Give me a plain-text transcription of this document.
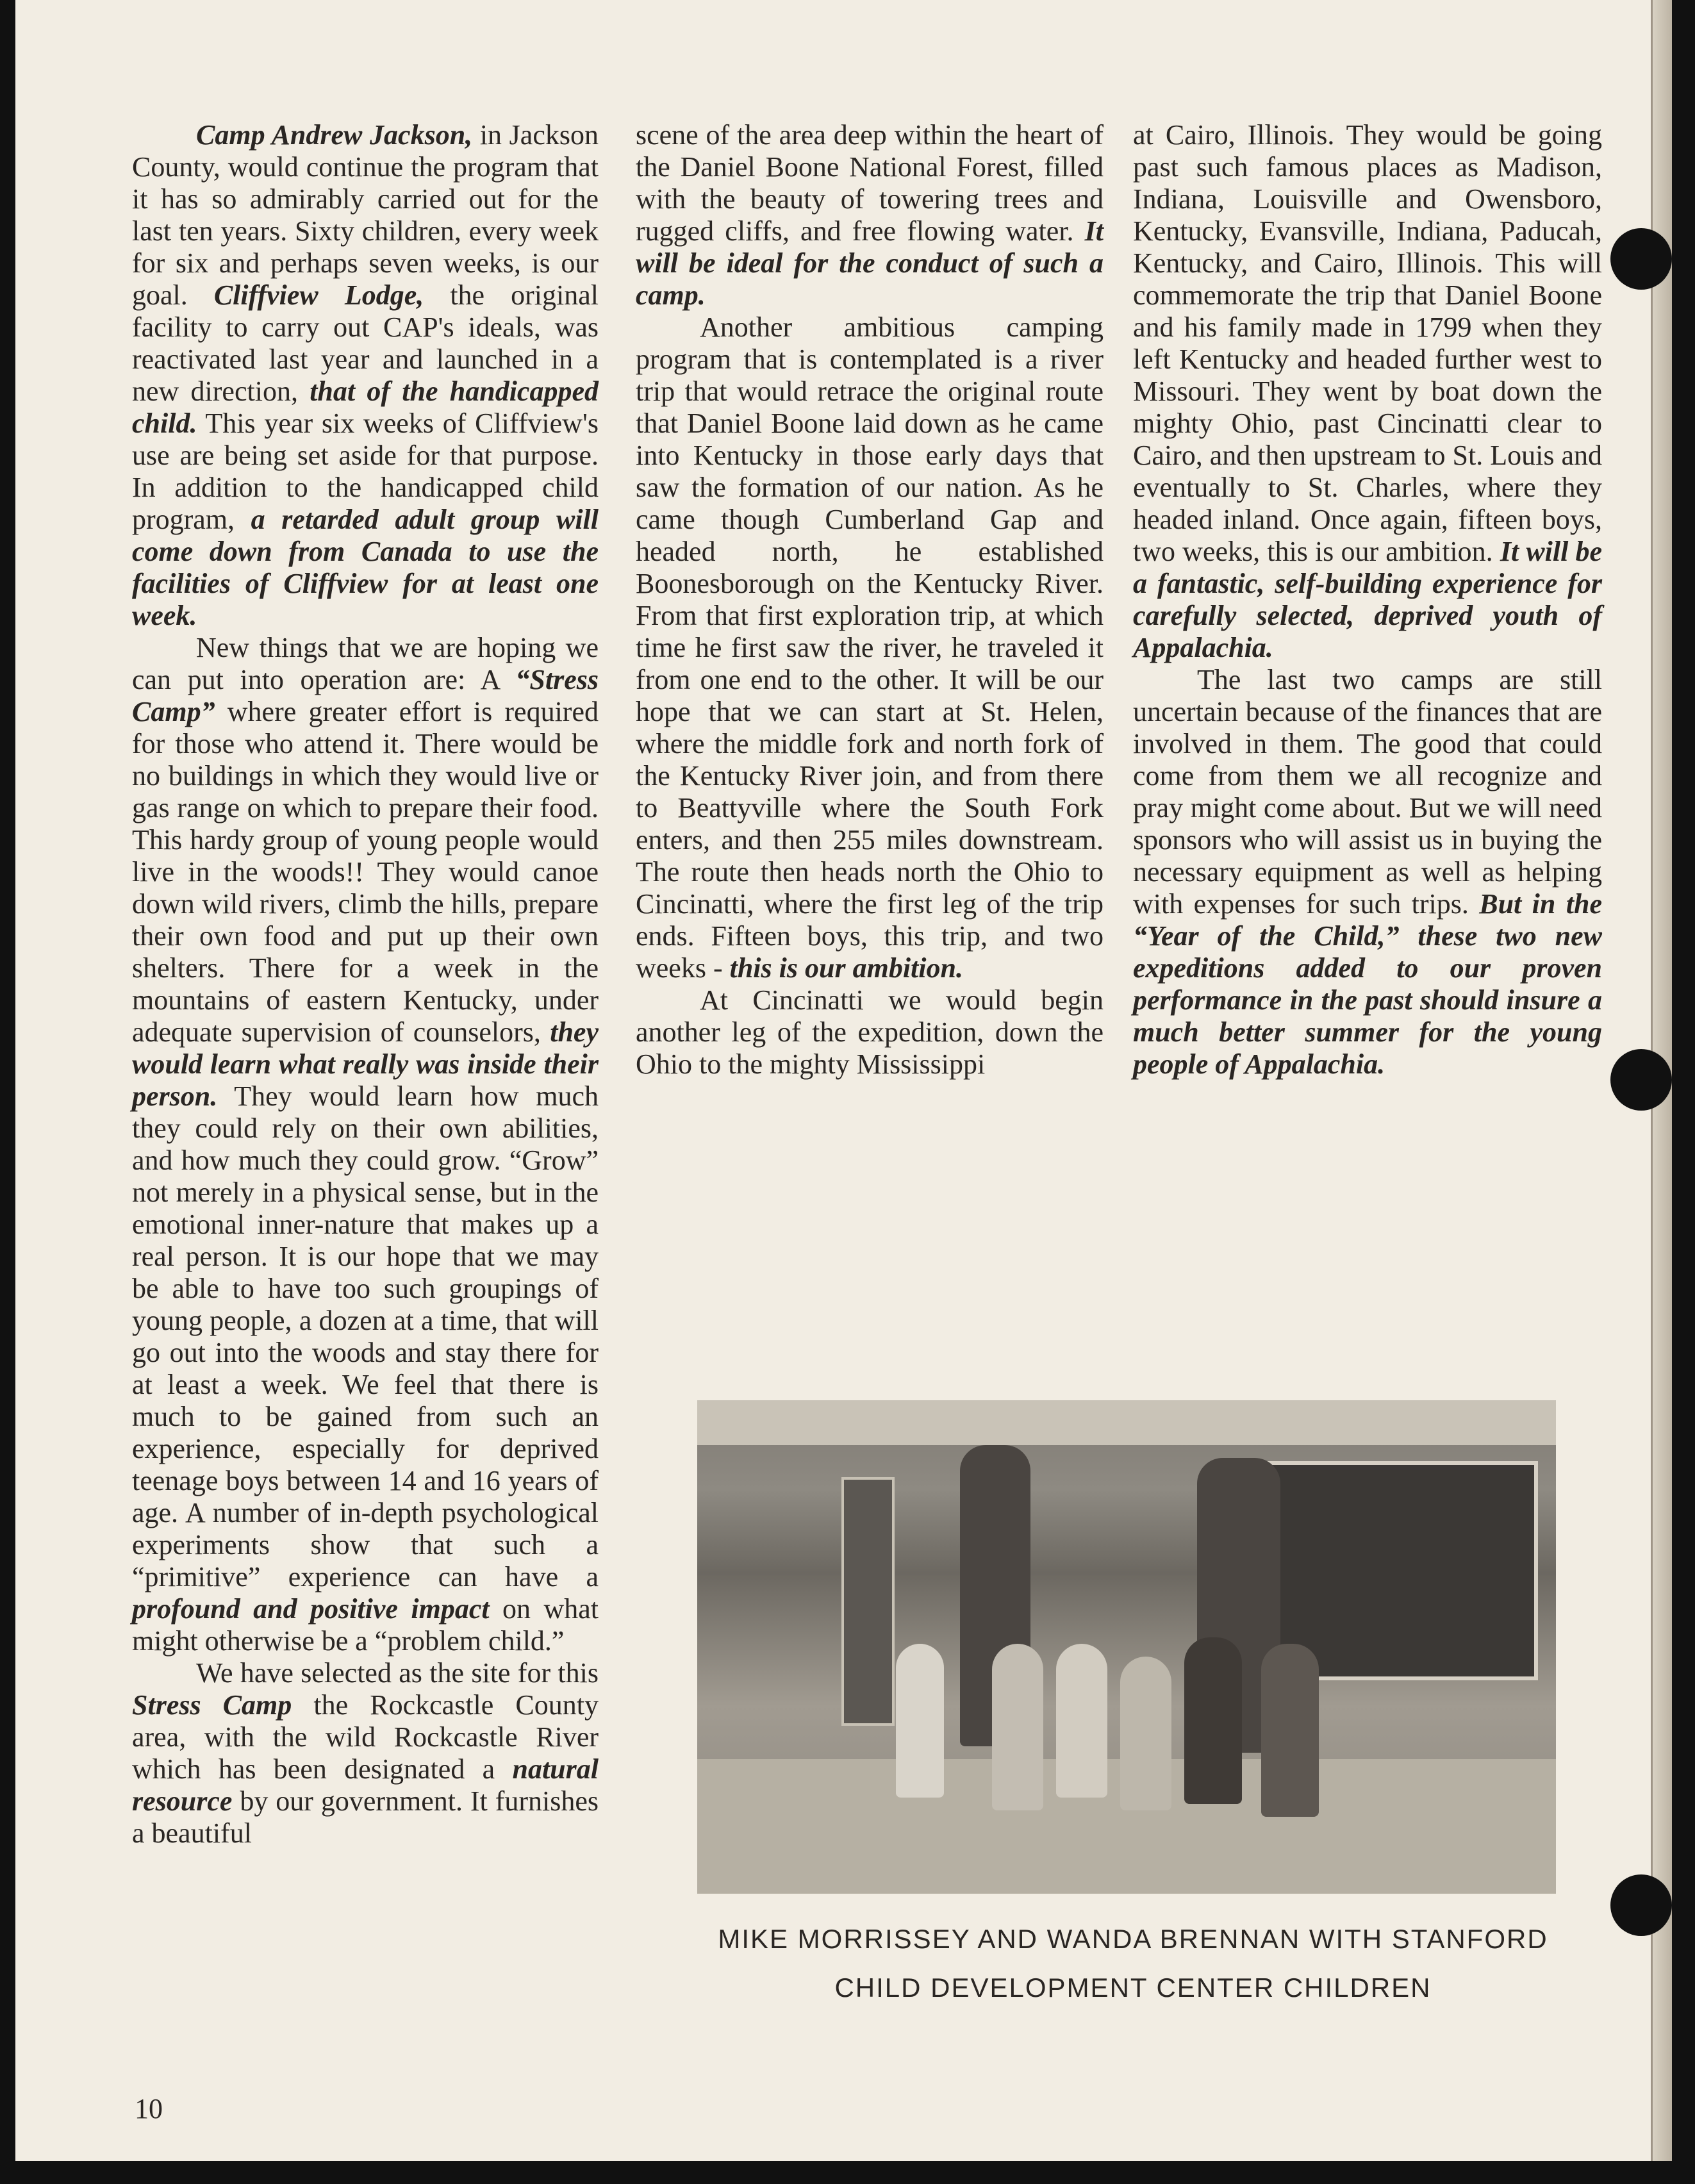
Camp Andrew Jackson, in Jackson County, would continue the program that it has so admirably carried out for the last ten years. Sixty children, every week for six and perhaps seven weeks, is our goal. Cliffview Lodge, the original facility to carry out CAP's ideals, was reactivated last year and launched in a new direction, that of the handicapped child. This year six weeks of Cliffview's use are being set aside for that purpose. In addition to the handicapped child program, a retarded adult group will come down from Canada to use the facilities of Cliffview for at least one week.

New things that we are hoping we can put into operation are: A “Stress Camp” where greater effort is required for those who attend it. There would be no buildings in which they would live or gas range on which to prepare their food. This hardy group of young people would live in the woods!! They would canoe down wild rivers, climb the hills, prepare their own food and put up their own shelters. There for a week in the mountains of eastern Kentucky, under adequate supervision of counselors, they would learn what really was inside their person. They would learn how much they could rely on their own abilities, and how much they could grow. “Grow” not merely in a physical sense, but in the emotional inner-nature that makes up a real person. It is our hope that we may be able to have too such groupings of young people, a dozen at a time, that will go out into the woods and stay there for at least a week. We feel that there is much to be gained from such an experience, especially for deprived teenage boys between 14 and 16 years of age. A number of in-depth psychological experiments show that such a “primitive” experience can have a profound and positive impact on what might otherwise be a “problem child.”

We have selected as the site for this Stress Camp the Rockcastle County area, with the wild Rockcastle River which has been designated a natural resource by our government. It furnishes a beautiful

scene of the area deep within the heart of the Daniel Boone National Forest, filled with the beauty of towering trees and rugged cliffs, and free flowing water. It will be ideal for the conduct of such a camp.

Another ambitious camping program that is contemplated is a river trip that would retrace the original route that Daniel Boone laid down as he came into Kentucky in those early days that saw the formation of our nation. As he came though Cumberland Gap and headed north, he established Boonesborough on the Kentucky River. From that first exploration trip, at which time he first saw the river, he traveled it from one end to the other. It will be our hope that we can start at St. Helen, where the middle fork and north fork of the Kentucky River join, and from there to Beattyville where the South Fork enters, and then 255 miles downstream. The route then heads north the Ohio to Cincinatti, where the first leg of the trip ends. Fifteen boys, this trip, and two weeks - this is our ambition.

At Cincinatti we would begin another leg of the expedition, down the Ohio to the mighty Mississippi

at Cairo, Illinois. They would be going past such famous places as Madison, Indiana, Louisville and Owensboro, Kentucky, Evansville, Indiana, Paducah, Kentucky, and Cairo, Illinois. This will commemorate the trip that Daniel Boone and his family made in 1799 when they left Kentucky and headed further west to Missouri. They went by boat down the mighty Ohio, past Cincinatti clear to Cairo, and then upstream to St. Louis and eventually to St. Charles, where they headed inland. Once again, fifteen boys, two weeks, this is our ambition. It will be a fantastic, self-building experience for carefully selected, deprived youth of Appalachia.

The last two camps are still uncertain because of the finances that are involved in them. The good that could come from them we all recognize and pray might come about. But we will need sponsors who will assist us in buying the necessary equipment as well as helping with expenses for such trips. But in the “Year of the Child,” these two new expeditions added to our proven performance in the past should insure a much better summer for the young people of Appalachia.

MIKE MORRISSEY AND WANDA BRENNAN WITH STANFORD
CHILD DEVELOPMENT CENTER CHILDREN
10
